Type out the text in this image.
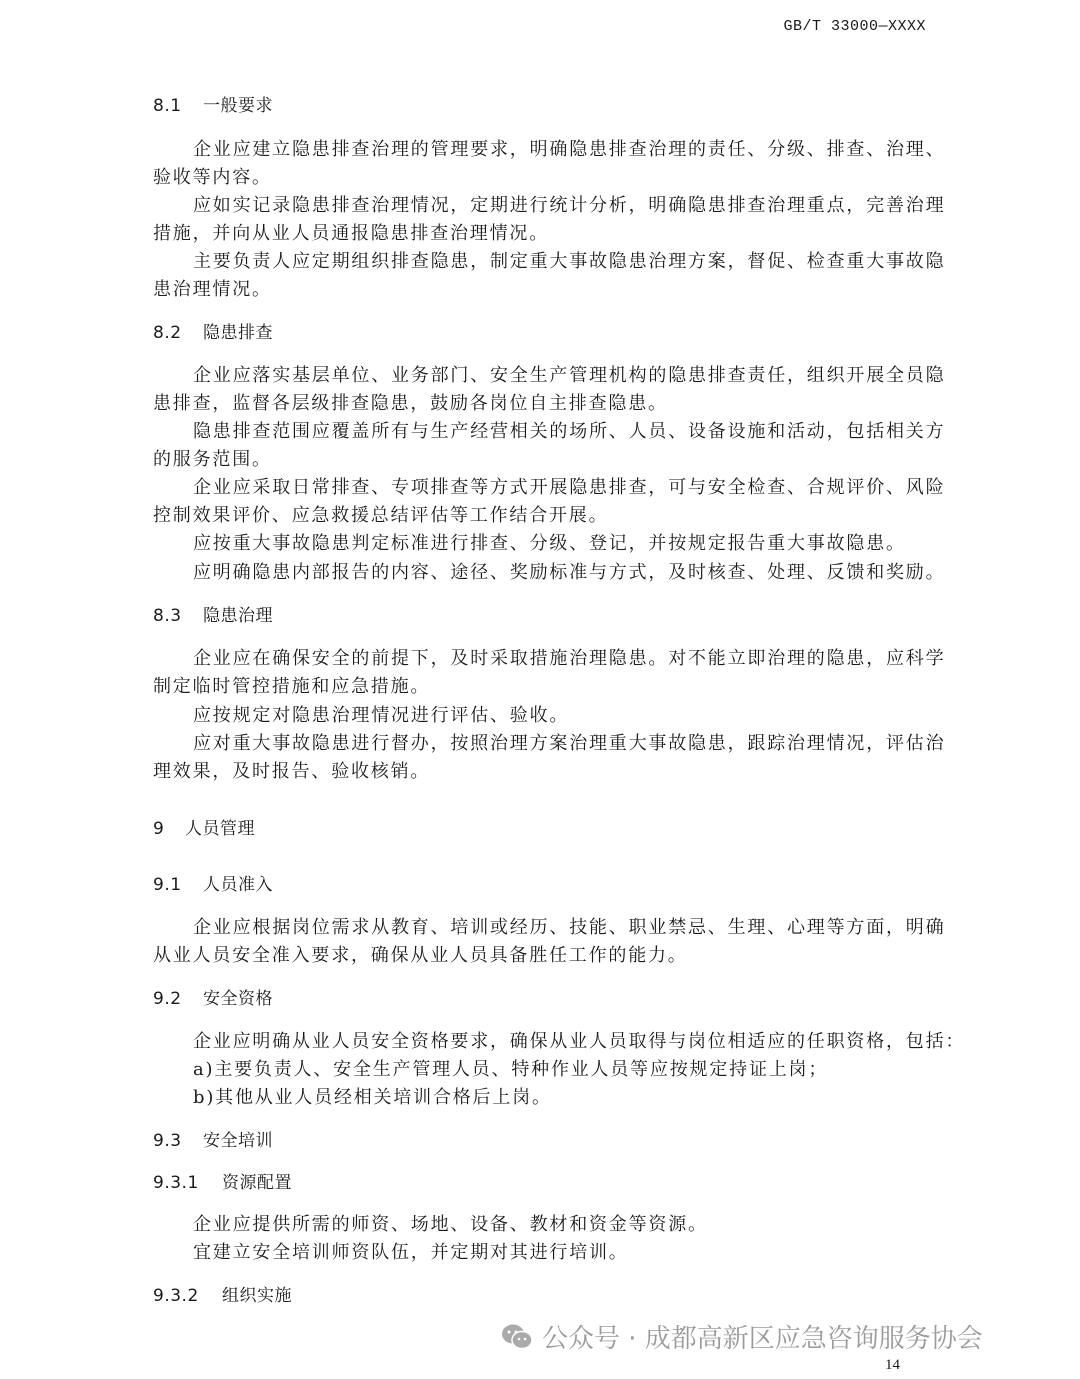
GB/T 33000—XXXX
8.1 一般要求
企业应建立隐患排查治理的管理要求，明确隐患排查治理的责任、分级、排查、治理、
验收等内容。
应如实记录隐患排查治理情况，定期进行统计分析，明确隐患排查治理重点，完善治理
措施，并向从业人员通报隐患排查治理情况。
主要负责人应定期组织排查隐患，制定重大事故隐患治理方案，督促、检查重大事故隐
患治理情况。
8.2 隐患排查
企业应落实基层单位、业务部门、安全生产管理机构的隐患排查责任，组织开展全员隐
患排查，监督各层级排查隐患，鼓励各岗位自主排查隐患。
隐患排查范围应覆盖所有与生产经营相关的场所、人员、设备设施和活动，包括相关方
的服务范围。
企业应采取日常排查、专项排查等方式开展隐患排查，可与安全检查、合规评价、风险
控制效果评价、应急救援总结评估等工作结合开展。
应按重大事故隐患判定标准进行排查、分级、登记，并按规定报告重大事故隐患。
应明确隐患内部报告的内容、途径、奖励标准与方式，及时核查、处理、反馈和奖励。
8.3 隐患治理
企业应在确保安全的前提下，及时采取措施治理隐患。对不能立即治理的隐患，应科学
制定临时管控措施和应急措施。
应按规定对隐患治理情况进行评估、验收。
应对重大事故隐患进行督办，按照治理方案治理重大事故隐患，跟踪治理情况，评估治
理效果，及时报告、验收核销。
9 人员管理
9.1 人员准入
企业应根据岗位需求从教育、培训或经历、技能、职业禁忌、生理、心理等方面，明确
从业人员安全准入要求，确保从业人员具备胜任工作的能力。
9.2 安全资格
企业应明确从业人员安全资格要求，确保从业人员取得与岗位相适应的任职资格，包括：
a)主要负责人、安全生产管理人员、特种作业人员等应按规定持证上岗；
b)其他从业人员经相关培训合格后上岗。
9.3 安全培训
9.3.1 资源配置
企业应提供所需的师资、场地、设备、教材和资金等资源。
宜建立安全培训师资队伍，并定期对其进行培训。
9.3.2 组织实施
公众号 · 成都高新区应急咨询服务协会
14
